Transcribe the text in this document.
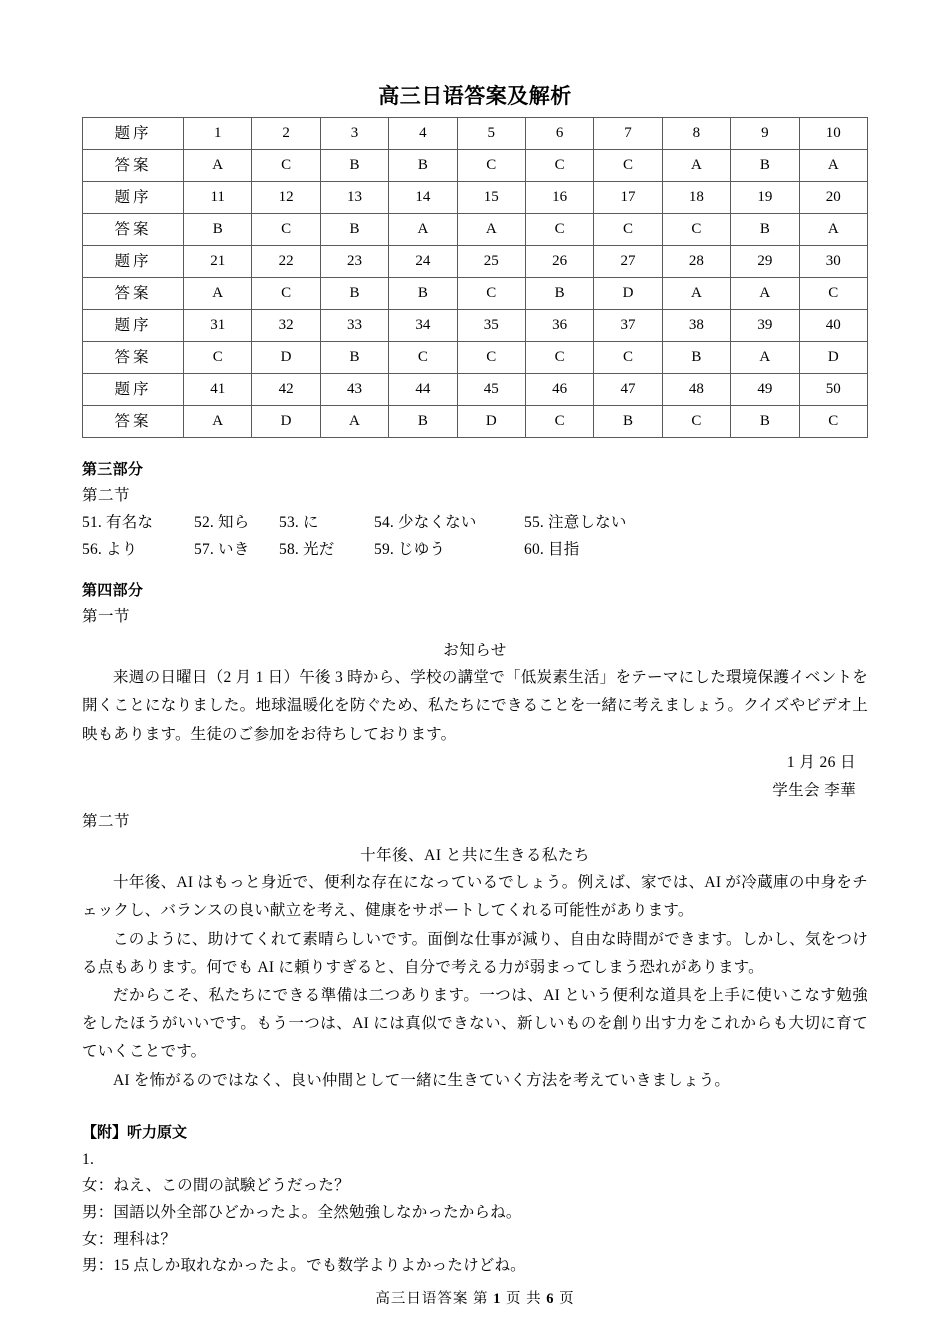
高三日语答案及解析
题序	1	2	3	4	5	6	7	8	9	10
答案	A	C	B	B	C	C	C	A	B	A
题序	11	12	13	14	15	16	17	18	19	20
答案	B	C	B	A	A	C	C	C	B	A
题序	21	22	23	24	25	26	27	28	29	30
答案	A	C	B	B	C	B	D	A	A	C
题序	31	32	33	34	35	36	37	38	39	40
答案	C	D	B	C	C	C	C	B	A	D
题序	41	42	43	44	45	46	47	48	49	50
答案	A	D	A	B	D	C	B	C	B	C
第三部分
第二节
51. 有名な	52. 知ら 53. に	54. 少なくない	55. 注意しない
56. より	57. いき 58. 光だ	59. じゆう	60. 目指
第四部分
第一节
お知らせ

来週の日曜日（2 月 1 日）午後 3 時から、学校の講堂で「低炭素生活」をテーマにした環境保護イベントを開くことになりました。地球温暖化を防ぐため、私たちにできることを一緒に考えましょう。クイズやビデオ上映もあります。生徒のご参加をお待ちしております。

1 月 26 日
学生会 李華
第二节
十年後、AI と共に生きる私たち

十年後、AI はもっと身近で、便利な存在になっているでしょう。例えば、家では、AI が冷蔵庫の中身をチェックし、バランスの良い献立を考え、健康をサポートしてくれる可能性があります。

このように、助けてくれて素晴らしいです。面倒な仕事が減り、自由な時間ができます。しかし、気をつける点もあります。何でも AI に頼りすぎると、自分で考える力が弱まってしまう恐れがあります。

だからこそ、私たちにできる準備は二つあります。一つは、AI という便利な道具を上手に使いこなす勉強をしたほうがいいです。もう一つは、AI には真似できない、新しいものを創り出す力をこれからも大切に育てていくことです。

AI を怖がるのではなく、良い仲間として一緒に生きていく方法を考えていきましょう。

【附】听力原文
1.
女：ねえ、この間の試験どうだった？
男：国語以外全部ひどかったよ。全然勉強しなかったからね。
女：理科は？
男：15 点しか取れなかったよ。でも数学よりよかったけどね。
高三日语答案 第 1 页 共 6 页
